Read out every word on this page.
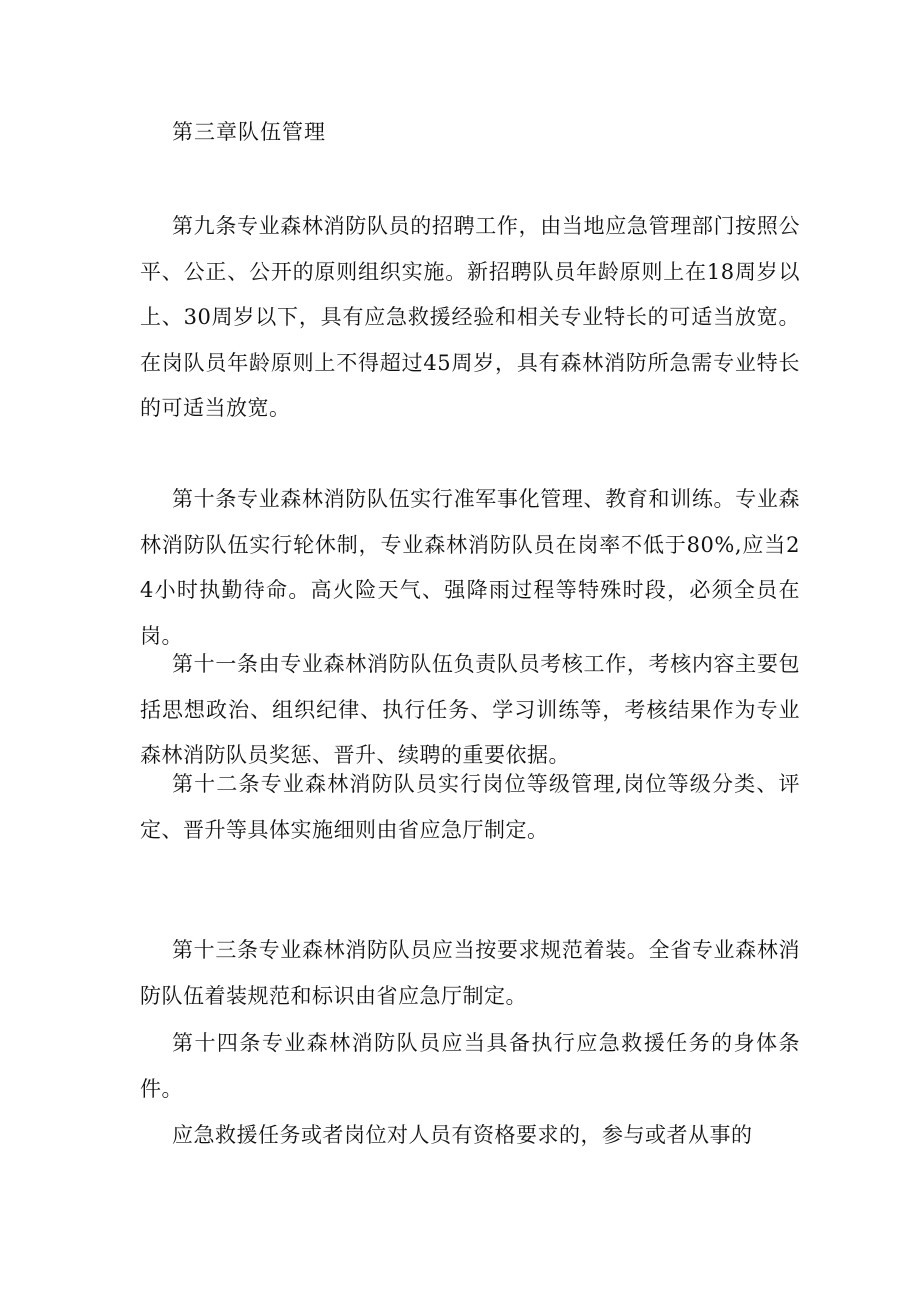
第三章队伍管理

第九条专业森林消防队员的招聘工作，由当地应急管理部门按照公平、公正、公开的原则组织实施。新招聘队员年龄原则上在18周岁以上、30周岁以下，具有应急救援经验和相关专业特长的可适当放宽。在岗队员年龄原则上不得超过45周岁，具有森林消防所急需专业特长的可适当放宽。

第十条专业森林消防队伍实行准军事化管理、教育和训练。专业森林消防队伍实行轮休制，专业森林消防队员在岗率不低于80%,应当24小时执勤待命。高火险天气、强降雨过程等特殊时段，必须全员在岗。

第十一条由专业森林消防队伍负责队员考核工作，考核内容主要包括思想政治、组织纪律、执行任务、学习训练等，考核结果作为专业森林消防队员奖惩、晋升、续聘的重要依据。

第十二条专业森林消防队员实行岗位等级管理,岗位等级分类、评定、晋升等具体实施细则由省应急厅制定。

第十三条专业森林消防队员应当按要求规范着装。全省专业森林消防队伍着装规范和标识由省应急厅制定。

第十四条专业森林消防队员应当具备执行应急救援任务的身体条件。

应急救援任务或者岗位对人员有资格要求的，参与或者从事的
